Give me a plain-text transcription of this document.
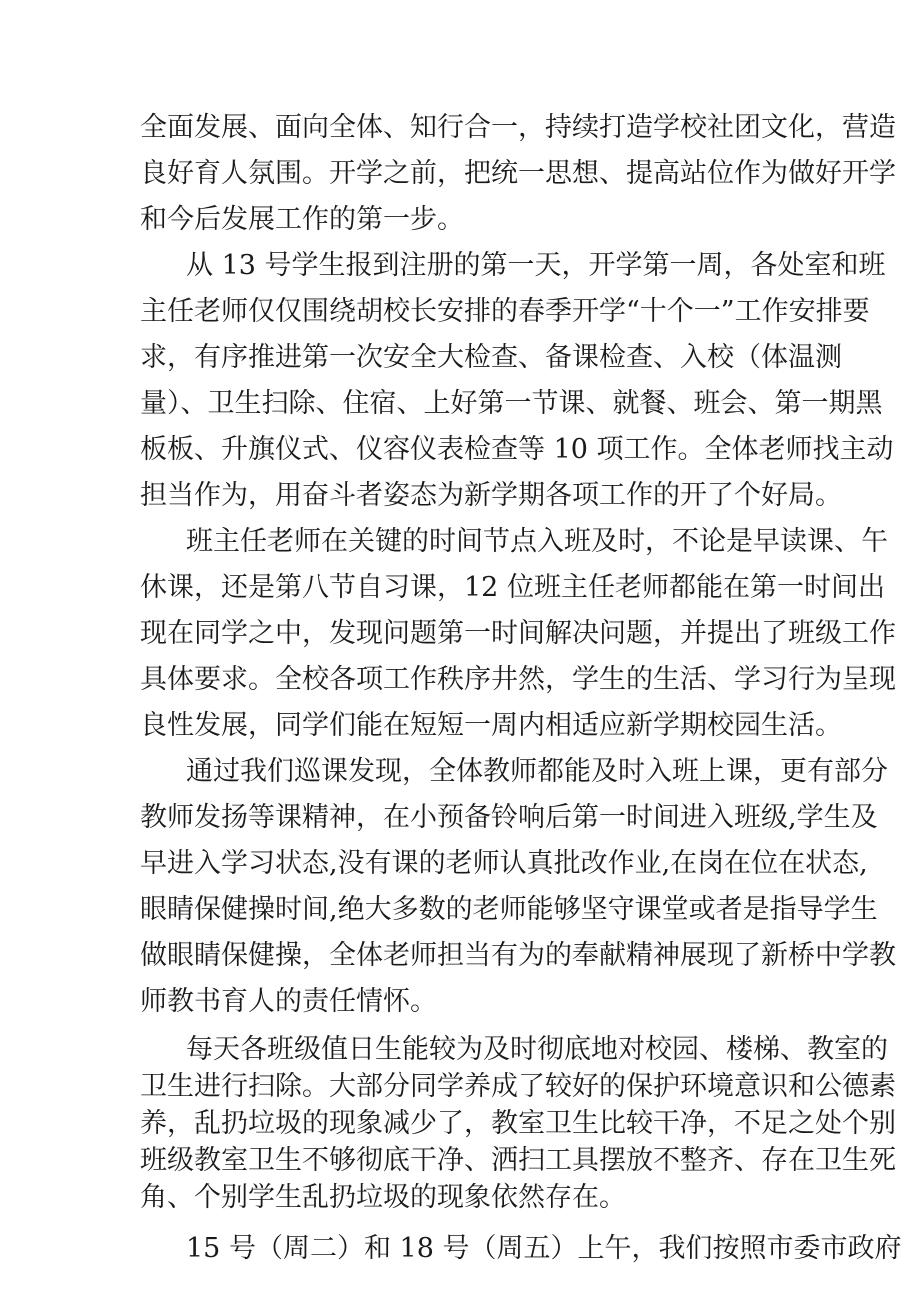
全面发展、面向全体、知行合一，持续打造学校社团文化，营造
良好育人氛围。开学之前，把统一思想、提高站位作为做好开学
和今后发展工作的第一步。
从 13 号学生报到注册的第一天，开学第一周，各处室和班
主任老师仅仅围绕胡校长安排的春季开学“十个一”工作安排要
求，有序推进第一次安全大检查、备课检查、入校（体温测
量）、卫生扫除、住宿、上好第一节课、就餐、班会、第一期黑
板板、升旗仪式、仪容仪表检查等 10 项工作。全体老师找主动
担当作为，用奋斗者姿态为新学期各项工作的开了个好局。
班主任老师在关键的时间节点入班及时，不论是早读课、午
休课，还是第八节自习课，12 位班主任老师都能在第一时间出
现在同学之中，发现问题第一时间解决问题，并提出了班级工作
具体要求。全校各项工作秩序井然，学生的生活、学习行为呈现
良性发展，同学们能在短短一周内相适应新学期校园生活。
通过我们巡课发现，全体教师都能及时入班上课，更有部分
教师发扬等课精神，在小预备铃响后第一时间进入班级,学生及
早进入学习状态,没有课的老师认真批改作业,在岗在位在状态,
眼睛保健操时间,绝大多数的老师能够坚守课堂或者是指导学生
做眼睛保健操，全体老师担当有为的奉献精神展现了新桥中学教
师教书育人的责任情怀。
每天各班级值日生能较为及时彻底地对校园、楼梯、教室的
卫生进行扫除。大部分同学养成了较好的保护环境意识和公德素
养，乱扔垃圾的现象减少了，教室卫生比较干净，不足之处个别
班级教室卫生不够彻底干净、洒扫工具摆放不整齐、存在卫生死
角、个别学生乱扔垃圾的现象依然存在。
15 号（周二）和 18 号（周五）上午，我们按照市委市政府
